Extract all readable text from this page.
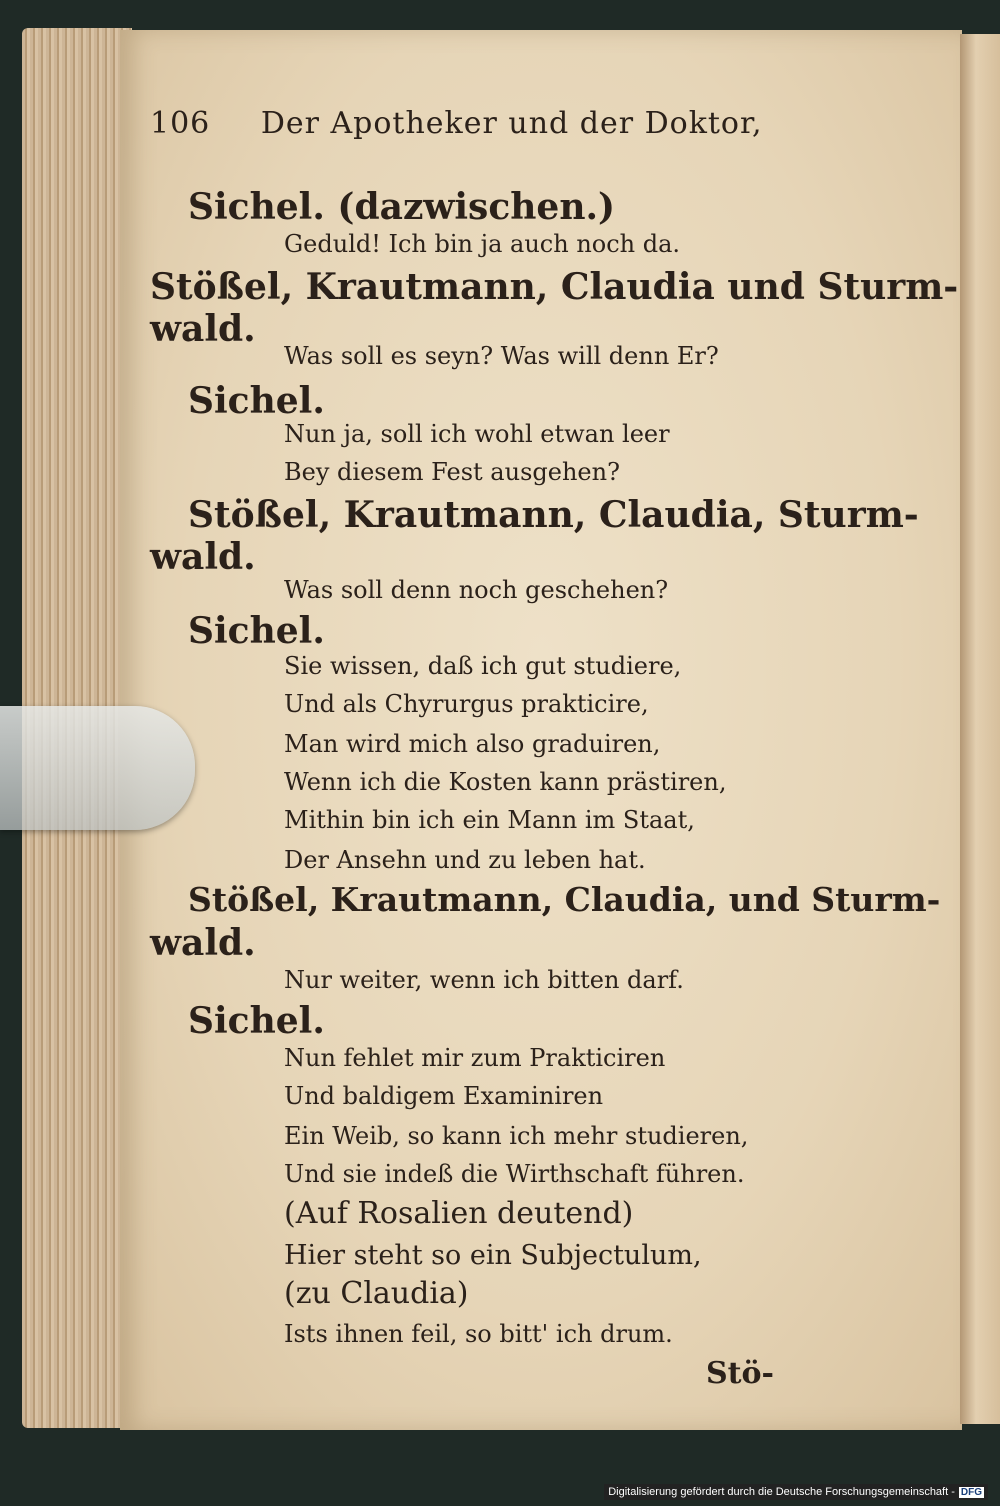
106 Der Apotheker und der Doktor,
Sichel. (dazwischen.)
Geduld! Ich bin ja auch noch da.
Stößel, Krautmann, Claudia und Sturm-
wald.
Was soll es seyn? Was will denn Er?
Sichel.
Nun ja, soll ich wohl etwan leer
Bey diesem Fest ausgehen?
Stößel, Krautmann, Claudia, Sturm-
wald.
Was soll denn noch geschehen?
Sichel.
Sie wissen, daß ich gut studiere,
Und als Chyrurgus prakticire,
Man wird mich also graduiren,
Wenn ich die Kosten kann prästiren,
Mithin bin ich ein Mann im Staat,
Der Ansehn und zu leben hat.
Stößel, Krautmann, Claudia, und Sturm-
wald.
Nur weiter, wenn ich bitten darf.
Sichel.
Nun fehlet mir zum Prakticiren
Und baldigem Examiniren
Ein Weib, so kann ich mehr studieren,
Und sie indeß die Wirthschaft führen.
(Auf Rosalien deutend)
Hier steht so ein Subjectulum,
(zu Claudia)
Ists ihnen feil, so bitt' ich drum.
Stö-
Digitalisierung gefördert durch die Deutsche Forschungsgemeinschaft - DFG
